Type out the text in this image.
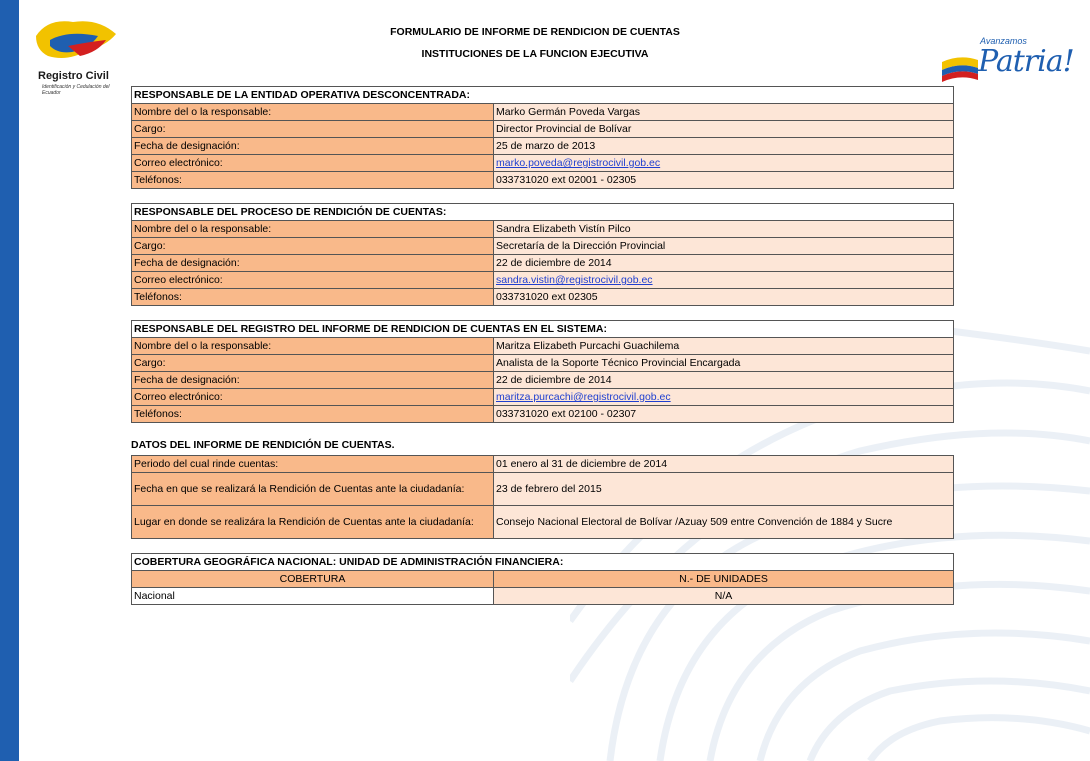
Registro Civil
Identificación y Cedulación del Ecuador
Avanzamos
Patria!
FORMULARIO DE INFORME DE RENDICION DE CUENTAS
INSTITUCIONES DE LA FUNCION EJECUTIVA
RESPONSABLE DE LA ENTIDAD OPERATIVA DESCONCENTRADA:	
Nombre del o la responsable:	Marko Germán Poveda Vargas
Cargo:	Director Provincial de Bolívar
Fecha de designación:	25 de marzo de 2013
Correo electrónico:	marko.poveda@registrocivil.gob.ec
Teléfonos:	033731020 ext 02001 - 02305
RESPONSABLE DEL PROCESO DE RENDICIÓN DE CUENTAS:	
Nombre del o la responsable:	Sandra Elizabeth Vistín Pilco
Cargo:	Secretaría de la Dirección Provincial
Fecha de designación:	22 de diciembre de 2014
Correo electrónico:	sandra.vistin@registrocivil.gob.ec
Teléfonos:	033731020 ext 02305
RESPONSABLE DEL REGISTRO DEL INFORME DE RENDICION DE CUENTAS EN EL SISTEMA:	
Nombre del o la responsable:	Maritza Elizabeth Purcachi Guachilema
Cargo:	Analista de la Soporte Técnico Provincial Encargada
Fecha de designación:	22 de diciembre de 2014
Correo electrónico:	maritza.purcachi@registrocivil.gob.ec
Teléfonos:	033731020 ext 02100 - 02307
DATOS DEL INFORME DE RENDICIÓN DE CUENTAS.
Periodo del cual rinde cuentas:	01 enero al 31 de diciembre de 2014
Fecha en que se realizará la Rendición de Cuentas ante la ciudadanía:	23 de febrero del 2015
Lugar en donde se realizára la Rendición de Cuentas ante la ciudadanía:	Consejo Nacional Electoral de Bolívar /Azuay 509 entre Convención de 1884 y Sucre
COBERTURA GEOGRÁFICA NACIONAL: UNIDAD DE ADMINISTRACIÓN FINANCIERA:	
COBERTURA	N.- DE UNIDADES
Nacional	N/A
